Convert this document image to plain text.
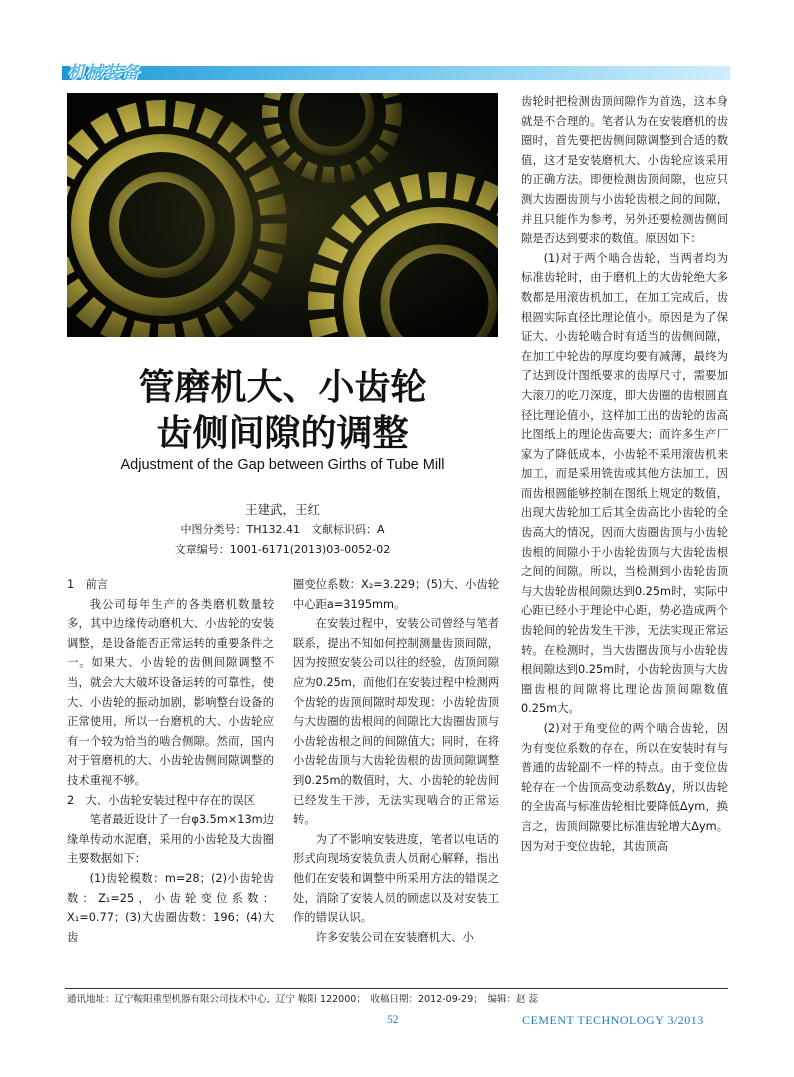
机械装备
管磨机大、小齿轮
齿侧间隙的调整
Adjustment of the Gap between Girths of Tube Mill
王建武，王红
中图分类号：TH132.41　文献标识码：A
文章编号：1001-6171(2013)03-0052-02

1　前言

我公司每年生产的各类磨机数量较多，其中边缘传动磨机大、小齿轮的安装调整，是设备能否正常运转的重要条件之一。如果大、小齿轮的齿侧间隙调整不当，就会大大破坏设备运转的可靠性，使大、小齿轮的振动加剧，影响整台设备的正常使用，所以一台磨机的大、小齿轮应有一个较为恰当的啮合侧隙。然而，国内对于管磨机的大、小齿轮齿侧间隙调整的技术重视不够。

2　大、小齿轮安装过程中存在的误区

笔者最近设计了一台φ3.5m×13m边缘单传动水泥磨，采用的小齿轮及大齿圈主要数据如下：

(1)齿轮模数：m=28；(2)小齿轮齿数：Z₁=25，小齿轮变位系数：X₁=0.77；(3)大齿圈齿数：196；(4)大齿

圈变位系数：X₂=3.229；(5)大、小齿轮中心距a=3195mm。

在安装过程中，安装公司曾经与笔者联系，提出不知如何控制测量齿顶间隙，因为按照安装公司以往的经验，齿顶间隙应为0.25m，而他们在安装过程中检测两个齿轮的齿顶间隙时却发现：小齿轮齿顶与大齿圈的齿根间的间隙比大齿圈齿顶与小齿轮齿根之间的间隙值大；同时，在将小齿轮齿顶与大齿轮齿根的齿顶间隙调整到0.25m的数值时，大、小齿轮的轮齿间已经发生干涉，无法实现啮合的正常运转。

为了不影响安装进度，笔者以电话的形式向现场安装负责人员耐心解释，指出他们在安装和调整中所采用方法的错误之处，消除了安装人员的顾虑以及对安装工作的错误认识。

许多安装公司在安装磨机大、小

齿轮时把检测齿顶间隙作为首选，这本身就是不合理的。笔者认为在安装磨机的齿圈时，首先要把齿侧间隙调整到合适的数值，这才是安装磨机大、小齿轮应该采用的正确方法。即便检测齿顶间隙，也应只测大齿圈齿顶与小齿轮齿根之间的间隙，并且只能作为参考，另外还要检测齿侧间隙是否达到要求的数值。原因如下：

(1)对于两个啮合齿轮，当两者均为标准齿轮时，由于磨机上的大齿轮绝大多数都是用滚齿机加工，在加工完成后，齿根圆实际直径比理论值小。原因是为了保证大、小齿轮啮合时有适当的齿侧间隙，在加工中轮齿的厚度均要有减薄，最终为了达到设计图纸要求的齿厚尺寸，需要加大滚刀的吃刀深度，即大齿圈的齿根圆直径比理论值小，这样加工出的齿轮的齿高比图纸上的理论齿高要大；而许多生产厂家为了降低成本，小齿轮不采用滚齿机来加工，而是采用铣齿或其他方法加工，因而齿根圆能够控制在图纸上规定的数值，出现大齿轮加工后其全齿高比小齿轮的全齿高大的情况，因而大齿圈齿顶与小齿轮齿根的间隙小于小齿轮齿顶与大齿轮齿根之间的间隙。所以，当检测到小齿轮齿顶与大齿轮齿根间隙达到0.25m时，实际中心距已经小于理论中心距，势必造成两个齿轮间的轮齿发生干涉，无法实现正常运转。在检测时，当大齿圈齿顶与小齿轮齿根间隙达到0.25m时，小齿轮齿顶与大齿圈齿根的间隙将比理论齿顶间隙数值0.25m大。

(2)对于角变位的两个啮合齿轮，因为有变位系数的存在，所以在安装时有与普通的齿轮副不一样的特点。由于变位齿轮存在一个齿顶高变动系数Δy，所以齿轮的全齿高与标准齿轮相比要降低Δym，换言之，齿顶间隙要比标准齿轮增大Δym。因为对于变位齿轮，其齿顶高

通讯地址：辽宁鞍阳重型机器有限公司技术中心，辽宁 鞍阳 122000；　收稿日期：2012-09-29；　编辑：赵 蕊
52	CEMENT TECHNOLOGY 3/2013
